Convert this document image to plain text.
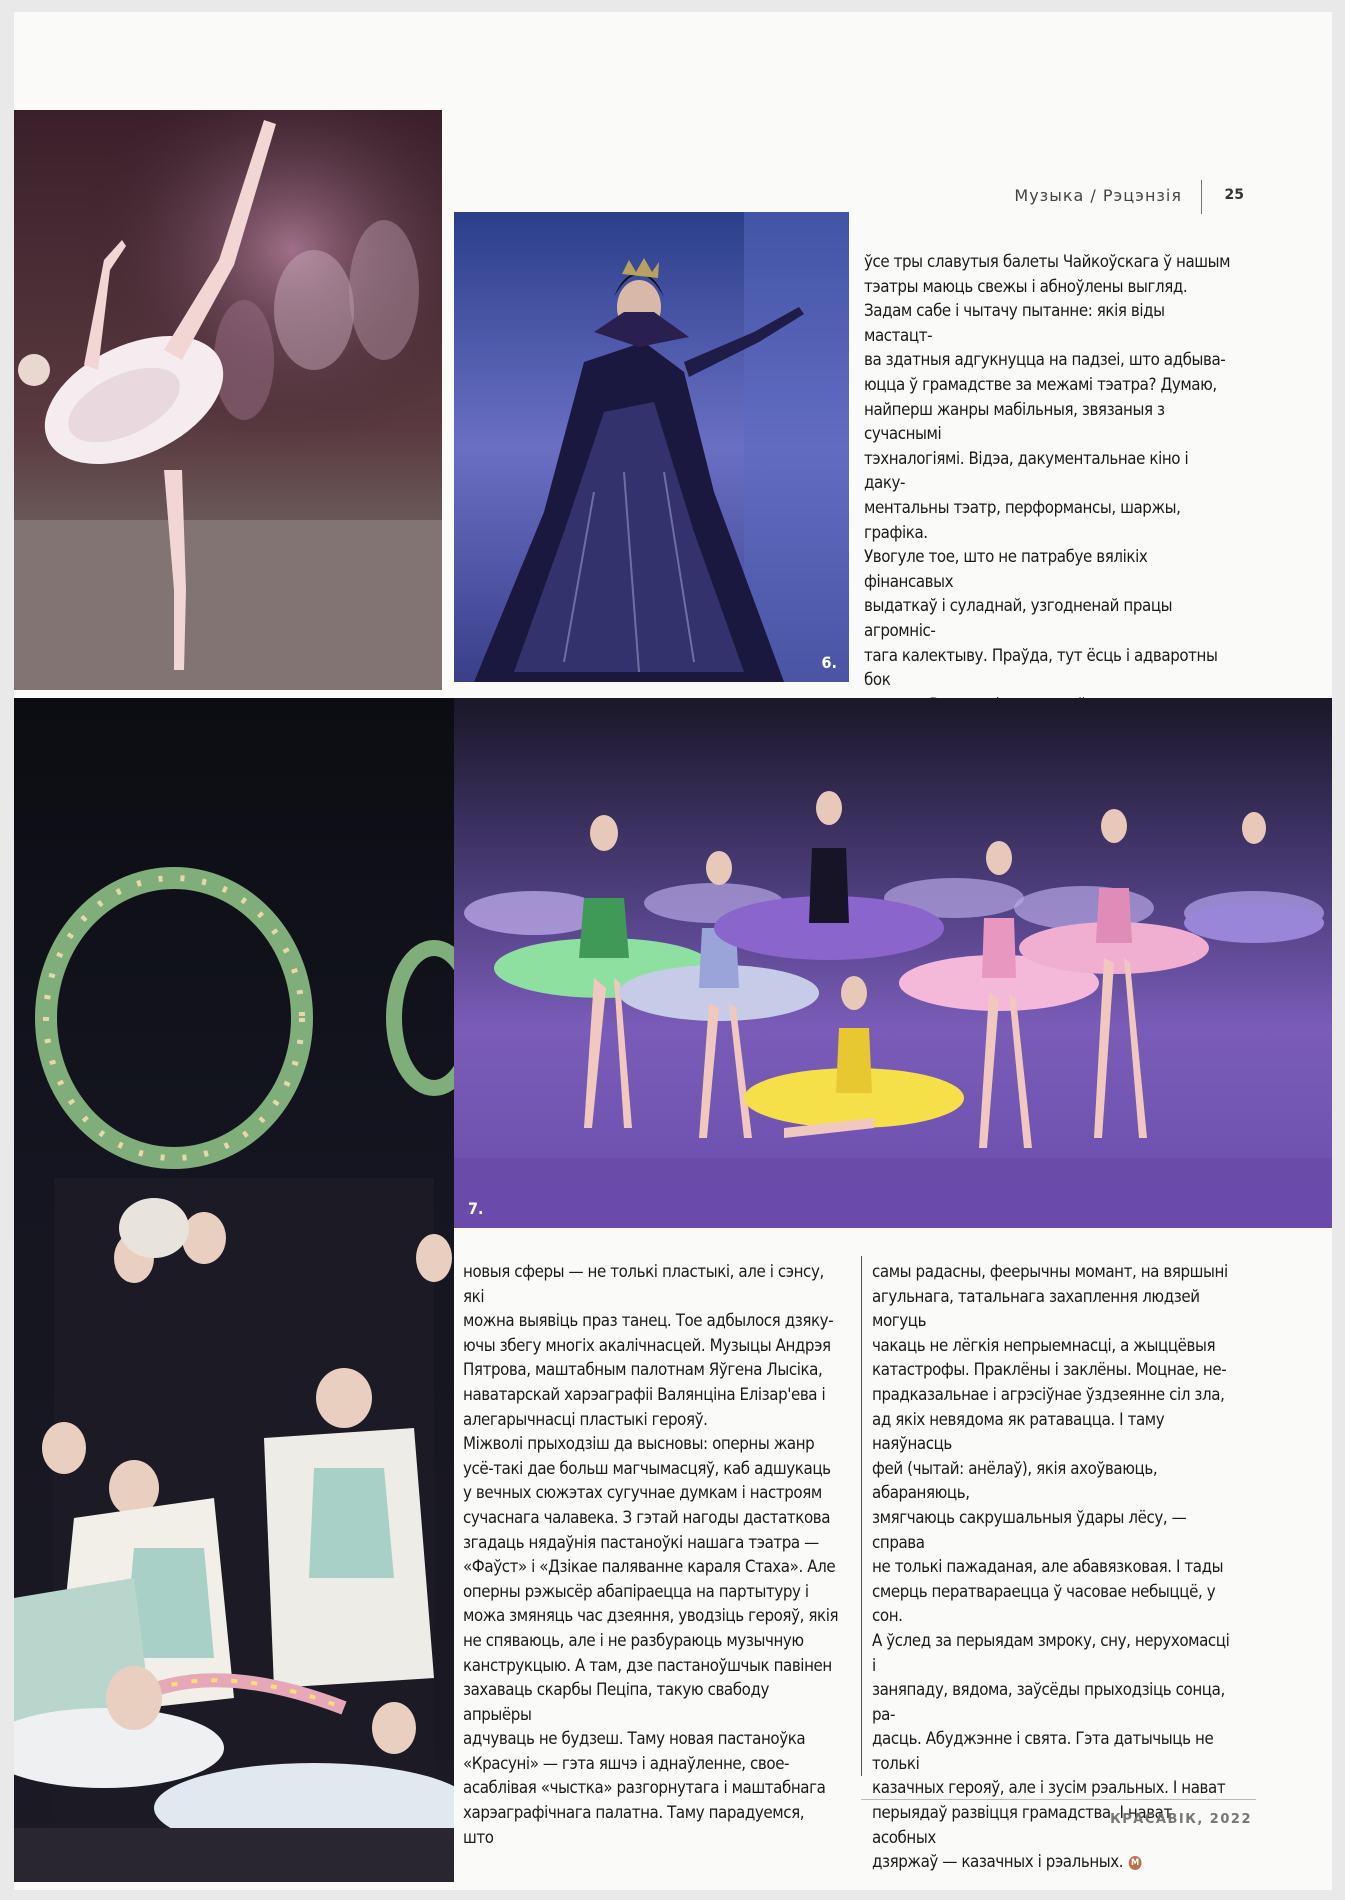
Музыка / Рэцэнзія	25
6.

ўсе тры славутыя балеты Чайкоўскага ў нашым

тэатры маюць свежы і абноўлены выгляд.

Задам сабе і чытачу пытанне: якія віды мастацт-

ва здатныя адгукнуцца на падзеі, што адбыва-

юцца ў грамадстве за межамі тэатра? Думаю,

найперш жанры мабільныя, звязаныя з сучаснымі

тэхналогіямі. Відэа, дакументальнае кіно і даку-

ментальны тэатр, перформансы, шаржы, графіка.

Увогуле тое, што не патрабуе вялікіх фінансавых

выдаткаў і суладнай, узгодненай працы агромніс-

тага калектыву. Праўда, тут ёсць і адваротны бок

7.

новыя сферы — не толькі пластыкі, але і сэнсу, які

можна выявіць праз танец. Тое адбылося дзяку-

ючы збегу многіх акалічнасцей. Музыцы Андрэя

Пятрова, маштабным палотнам Яўгена Лысіка,

наватарскай харэаграфіі Валянціна Елізар'ева і

алегарычнасці пластыкі герояў.

Міжволі прыходзіш да высновы: оперны жанр

усё-такі дае больш магчымасцяў, каб адшукаць

у вечных сюжэтах сугучнае думкам і настроям

сучаснага чалавека. З гэтай нагоды дастаткова

згадаць нядаўнія пастаноўкі нашага тэатра —

«Фаўст» і «Дзікае паляванне караля Стаха». Але

оперны рэжысёр абапіраецца на партытуру і

можа змяняць час дзеяння, уводзіць герояў, якія

не спяваюць, але і не разбураюць музычную

канструкцыю. А там, дзе пастаноўшчык павінен

захаваць скарбы Пеціпа, такую свабоду апрыёры

адчуваць не будзеш. Таму новая пастаноўка

«Красуні» — гэта яшчэ і аднаўленне, свое-

асаблівая «чыстка» разгорнутага і маштабнага

харэаграфічнага палатна. Таму парадуемся, што

самы радасны, феерычны момант, на вяршыні

агульнага, татальнага захаплення людзей могуць

чакаць не лёгкія непрыемнасці, а жыццёвыя

катастрофы. Праклёны і заклёны. Моцнае, не-

прадказальнае і агрэсіўнае ўздзеянне сіл зла,

ад якіх невядома як ратавацца. І таму наяўнасць

фей (чытай: анёлаў), якія ахоўваюць, абараняюць,

змягчаюць сакрушальныя ўдары лёсу, — справа

не толькі пажаданая, але абавязковая. І тады

смерць ператвараецца ў часовае небыццё, у сон.

А ўслед за перыядам змроку, сну, нерухомасці і

заняпаду, вядома, заўсёды прыходзіць сонца, ра-

дасць. Абуджэнне і свята. Гэта датычыць не толькі

казачных герояў, але і зусім рэальных. І нават

перыядаў развіцця грамадства. І нават асобных

дзяржаў — казачных і рэальных. М

КРАСАВІК, 2022
